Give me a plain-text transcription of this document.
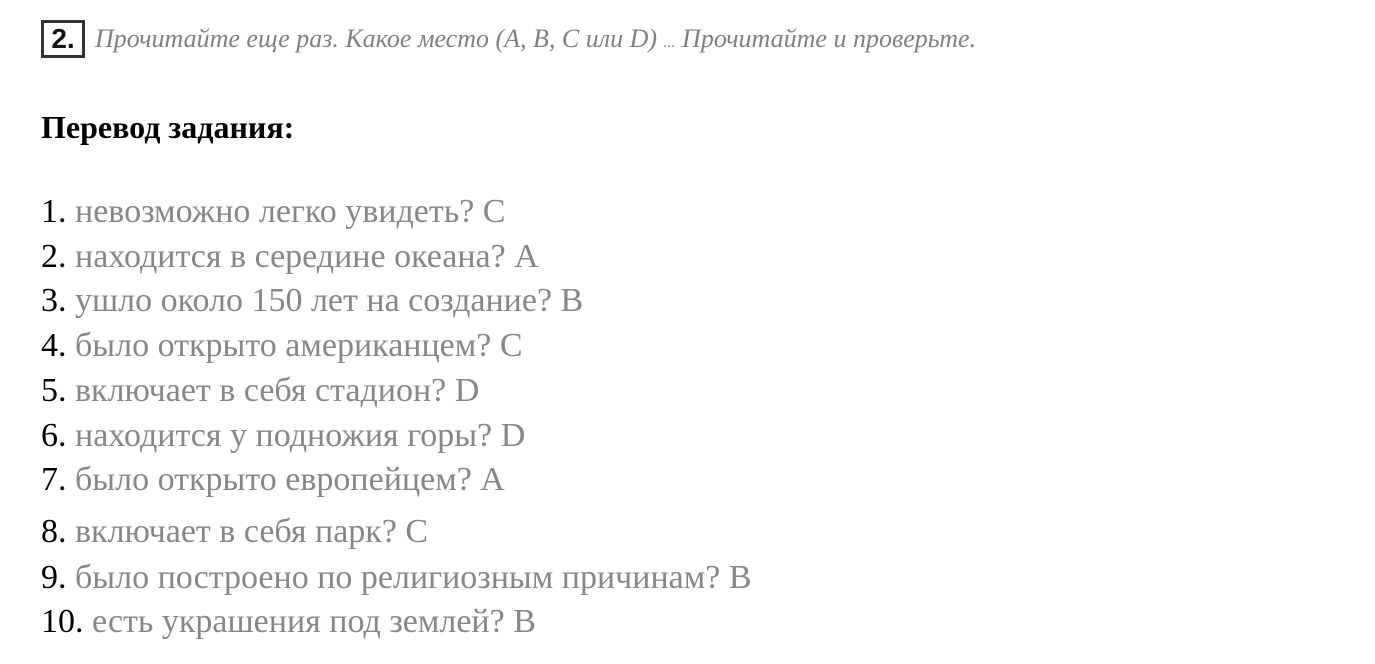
2. Прочитайте еще раз. Какое место (A, B, C или D) ... Прочитайте и проверьте.
Перевод задания:
1. невозможно легко увидеть? C
2. находится в середине океана? A
3. ушло около 150 лет на создание? B
4. было открыто американцем? C
5. включает в себя стадион? D
6. находится у подножия горы? D
7. было открыто европейцем? A
8. включает в себя парк? C
9. было построено по религиозным причинам? B
10. есть украшения под землей? B
